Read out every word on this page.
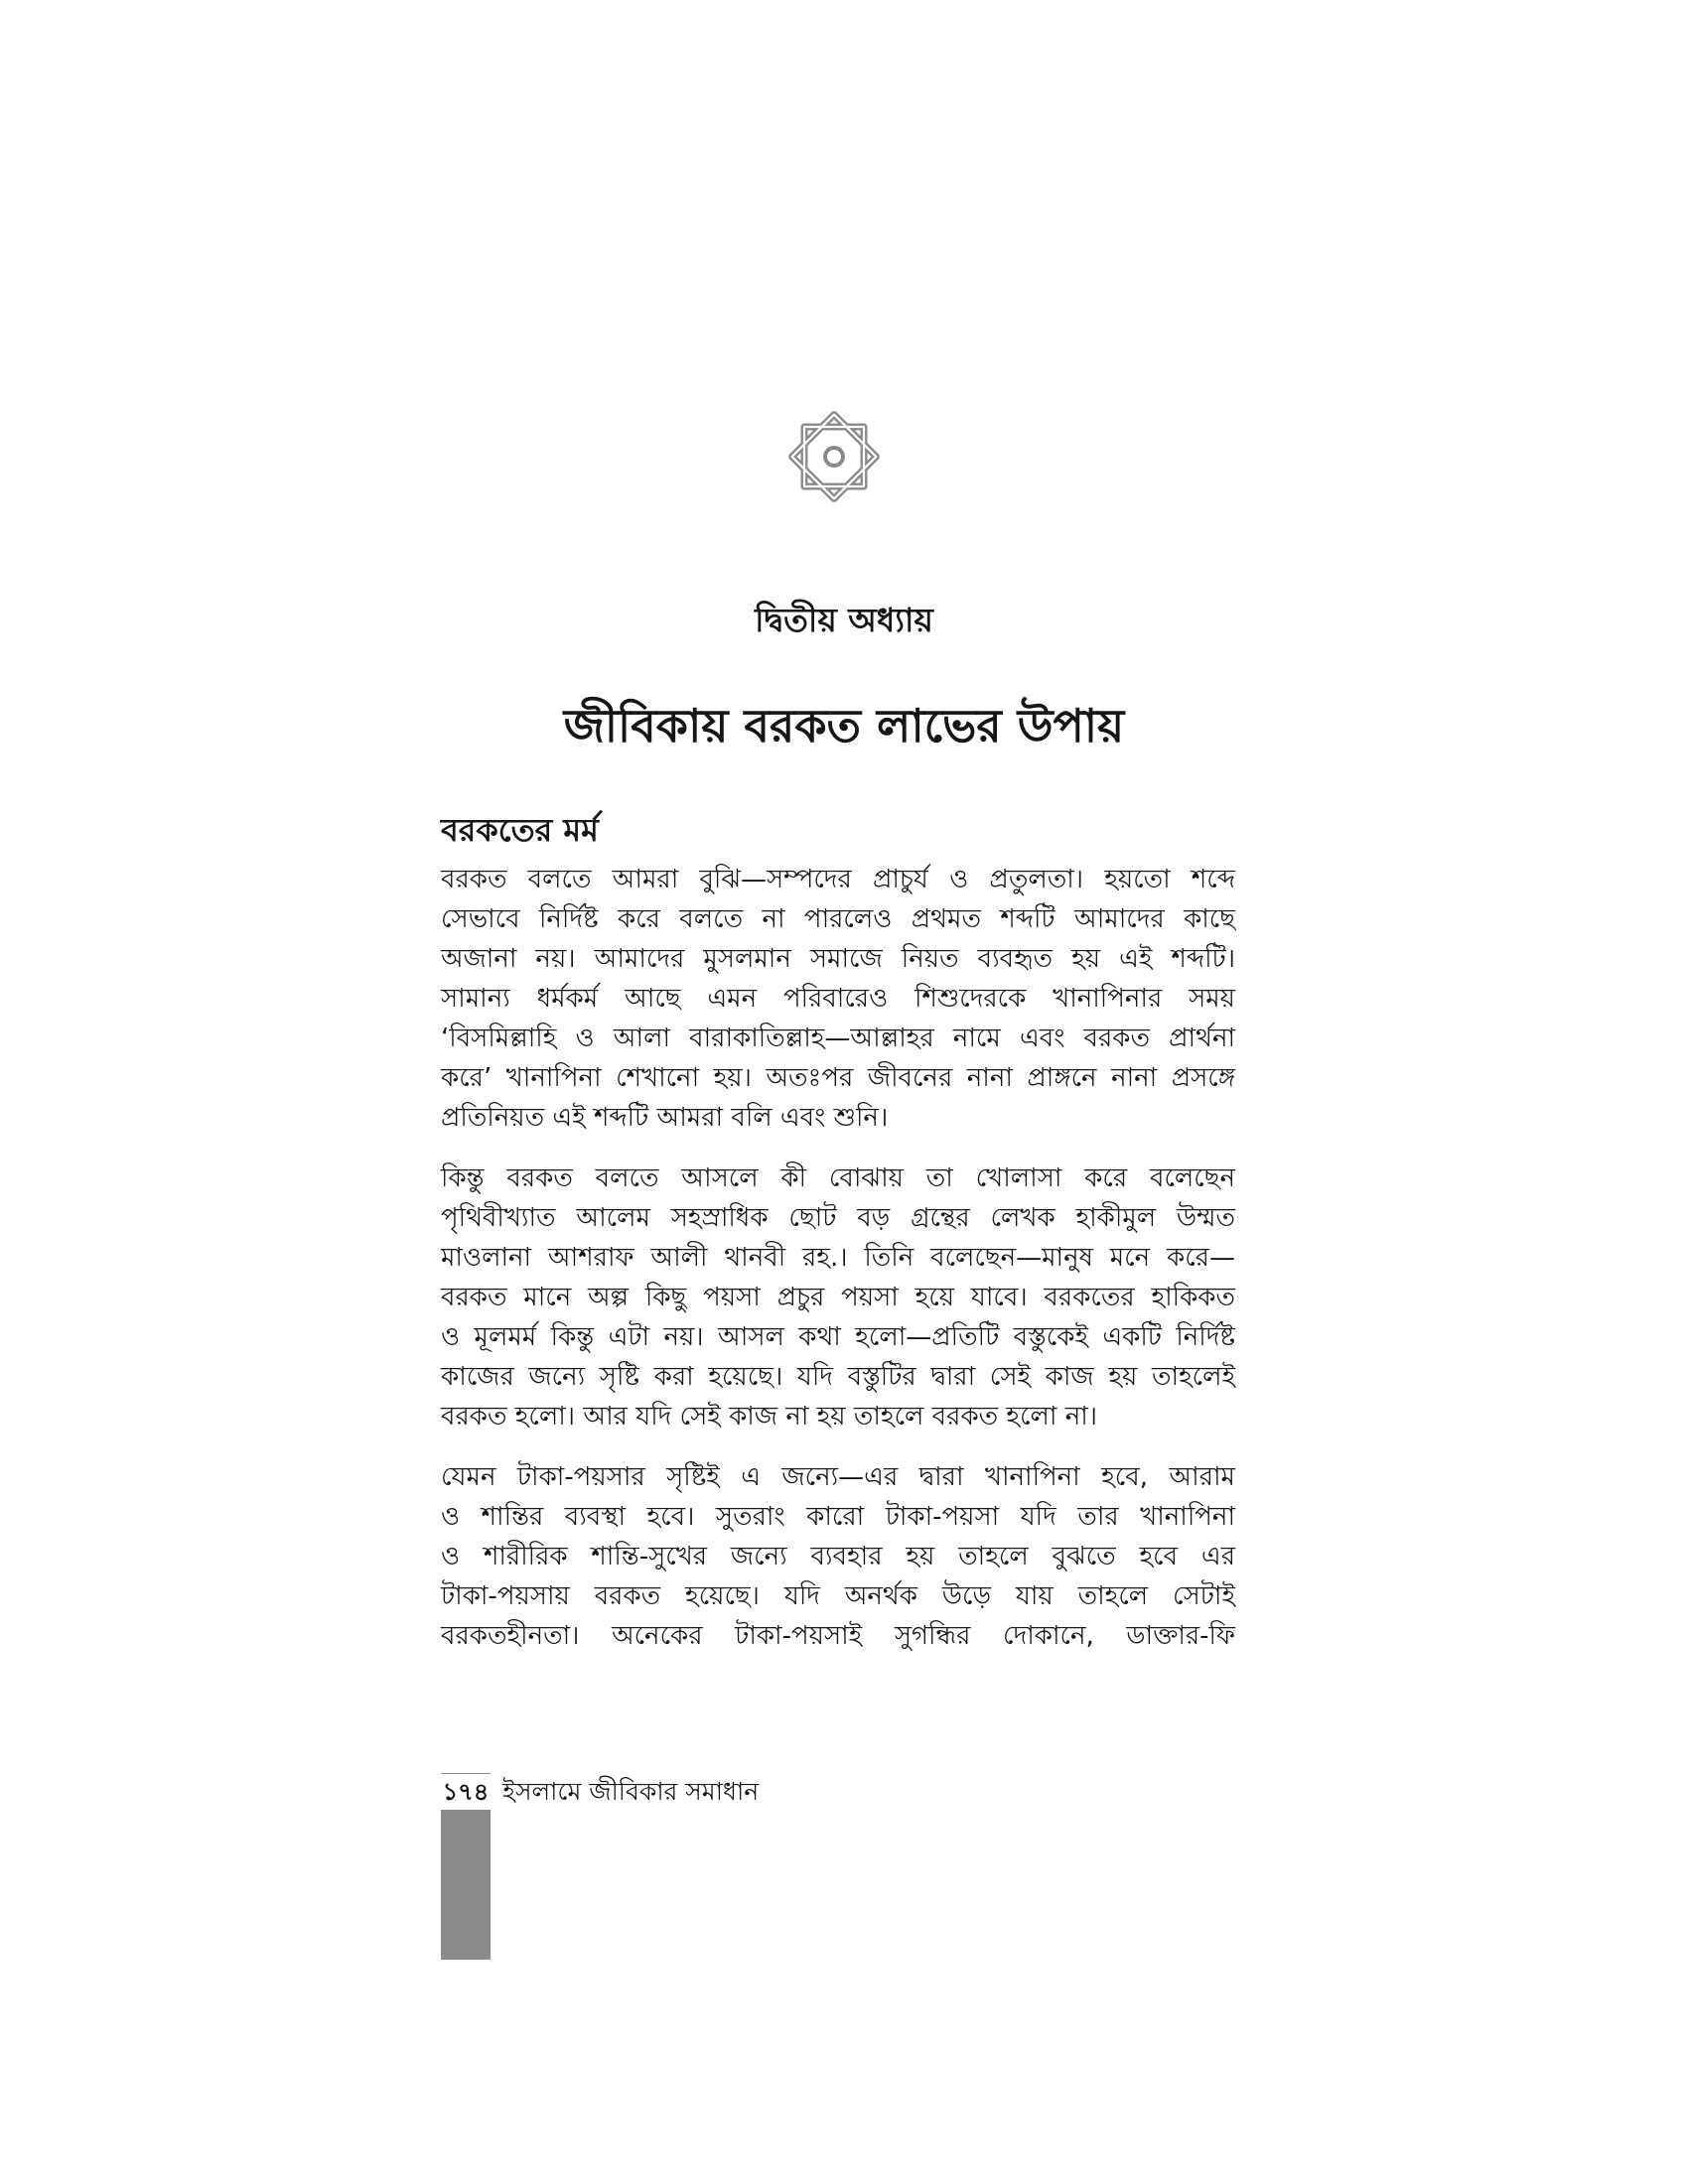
দ্বিতীয় অধ্যায়
জীবিকায় বরকত লাভের উপায়
বরকতের মর্ম
বরকত বলতে আমরা বুঝি—সম্পদের প্রাচুর্য ও প্রতুলতা। হয়তো শব্দে
সেভাবে নির্দিষ্ট করে বলতে না পারলেও প্রথমত শব্দটি আমাদের কাছে
অজানা নয়। আমাদের মুসলমান সমাজে নিয়ত ব্যবহৃত হয় এই শব্দটি।
সামান্য ধর্মকর্ম আছে এমন পরিবারেও শিশুদেরকে খানাপিনার সময়
‘বিসমিল্লাহি ও আলা বারাকাতিল্লাহ—আল্লাহর নামে এবং বরকত প্রার্থনা
করে’ খানাপিনা শেখানো হয়। অতঃপর জীবনের নানা প্রাঙ্গনে নানা প্রসঙ্গে
প্রতিনিয়ত এই শব্দটি আমরা বলি এবং শুনি।
কিন্তু বরকত বলতে আসলে কী বোঝায় তা খোলাসা করে বলেছেন
পৃথিবীখ্যাত আলেম সহস্রাধিক ছোট বড় গ্রন্থের লেখক হাকীমুল উম্মত
মাওলানা আশরাফ আলী থানবী রহ.। তিনি বলেছেন—মানুষ মনে করে—
বরকত মানে অল্প কিছু পয়সা প্রচুর পয়সা হয়ে যাবে। বরকতের হাকিকত
ও মূলমর্ম কিন্তু এটা নয়। আসল কথা হলো—প্রতিটি বস্তুকেই একটি নির্দিষ্ট
কাজের জন্যে সৃষ্টি করা হয়েছে। যদি বস্তুটির দ্বারা সেই কাজ হয় তাহলেই
বরকত হলো। আর যদি সেই কাজ না হয় তাহলে বরকত হলো না।
যেমন টাকা-পয়সার সৃষ্টিই এ জন্যে—এর দ্বারা খানাপিনা হবে, আরাম
ও শান্তির ব্যবস্থা হবে। সুতরাং কারো টাকা-পয়সা যদি তার খানাপিনা
ও শারীরিক শান্তি-সুখের জন্যে ব্যবহার হয় তাহলে বুঝতে হবে এর
টাকা-পয়সায় বরকত হয়েছে। যদি অনর্থক উড়ে যায় তাহলে সেটাই
বরকতহীনতা। অনেকের টাকা-পয়সাই সুগন্ধির দোকানে, ডাক্তার-ফি
১৭৪ ইসলামে জীবিকার সমাধান
